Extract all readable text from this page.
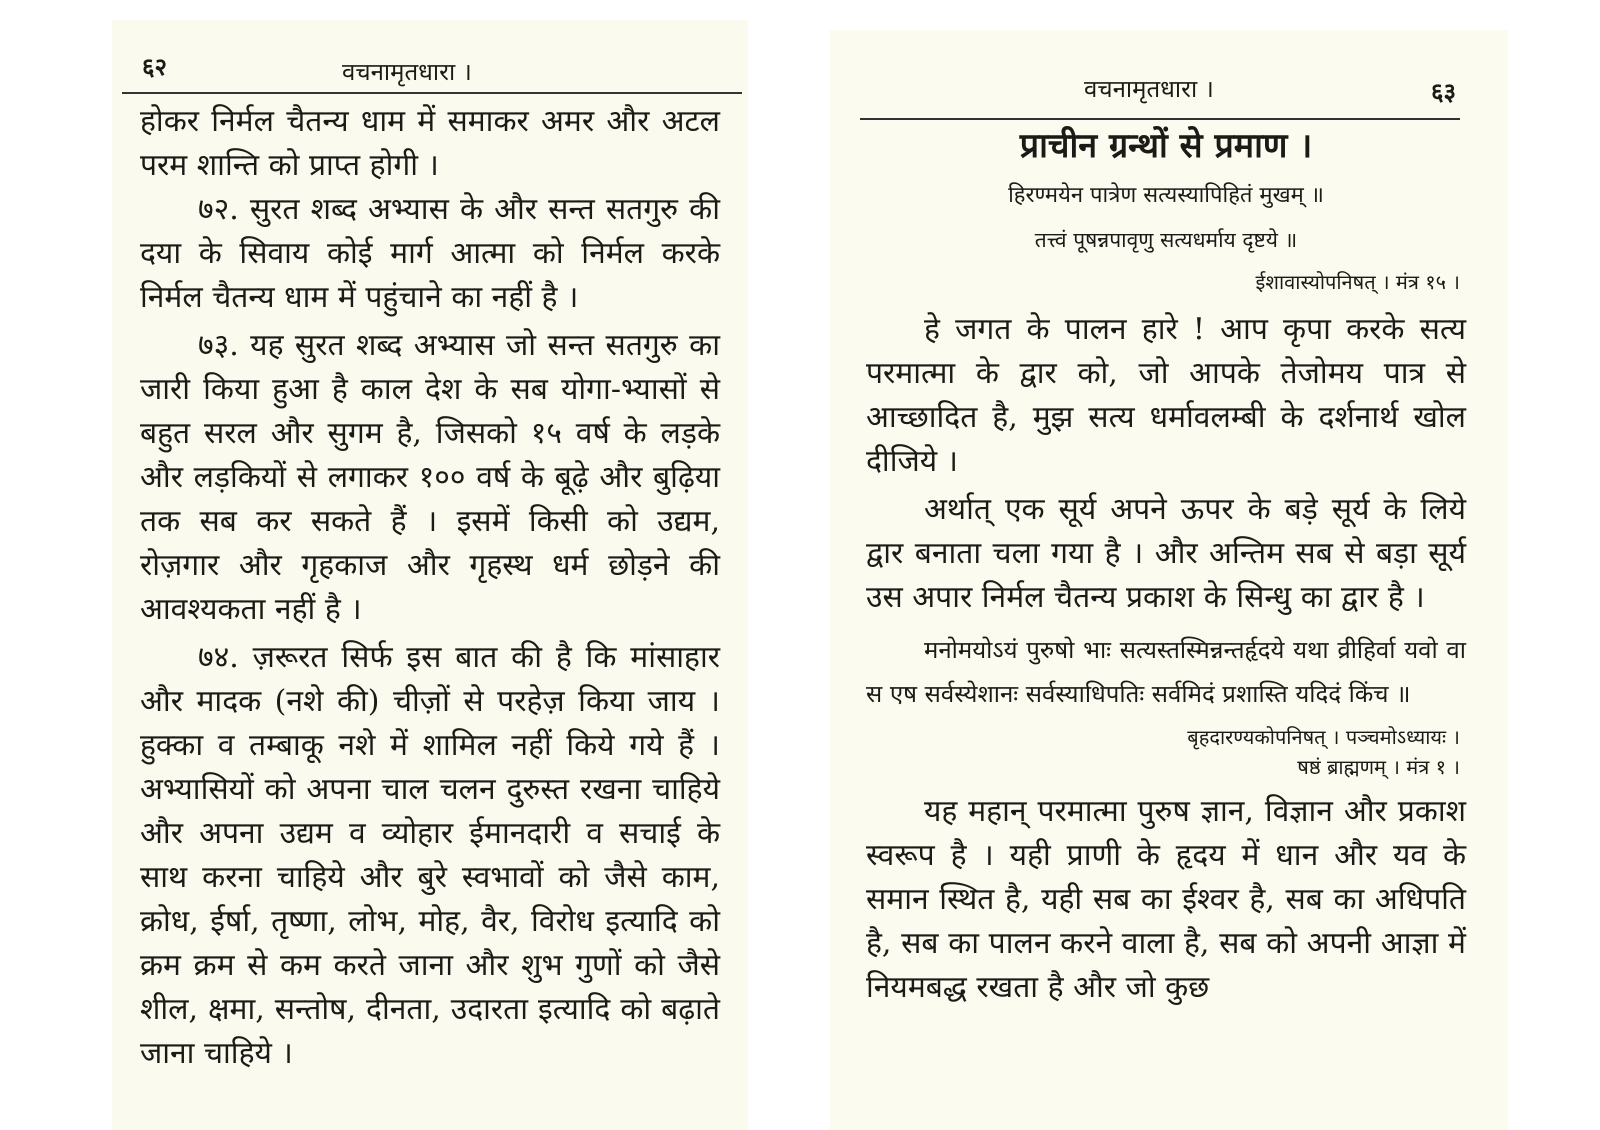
६२	वचनामृतधारा ।

होकर निर्मल चैतन्य धाम में समाकर अमर और अटल परम शान्ति को प्राप्त होगी ।

७२. सुरत शब्द अभ्यास के और सन्त सतगुरु की दया के सिवाय कोई मार्ग आत्मा को निर्मल करके निर्मल चैतन्य धाम में पहुंचाने का नहीं है ।

७३. यह सुरत शब्द अभ्यास जो सन्त सतगुरु का जारी किया हुआ है काल देश के सब योगा-भ्यासों से बहुत सरल और सुगम है, जिसको १५ वर्ष के लड़के और लड़कियों से लगाकर १०० वर्ष के बूढ़े और बुढ़िया तक सब कर सकते हैं । इसमें किसी को उद्यम, रोज़गार और गृहकाज और गृहस्थ धर्म छोड़ने की आवश्यकता नहीं है ।

७४. ज़रूरत सिर्फ इस बात की है कि मांसाहार और मादक (नशे की) चीज़ों से परहेज़ किया जाय । हुक्का व तम्बाकू नशे में शामिल नहीं किये गये हैं । अभ्यासियों को अपना चाल चलन दुरुस्त रखना चाहिये और अपना उद्यम व व्योहार ईमानदारी व सचाई के साथ करना चाहिये और बुरे स्वभावों को जैसे काम, क्रोध, ईर्षा, तृष्णा, लोभ, मोह, वैर, विरोध इत्यादि को क्रम क्रम से कम करते जाना और शुभ गुणों को जैसे शील, क्षमा, सन्तोष, दीनता, उदारता इत्यादि को बढ़ाते जाना चाहिये ।

वचनामृतधारा ।	६३
प्राचीन ग्रन्थों से प्रमाण ।

हिरण्मयेन पात्रेण सत्यस्यापिहितं मुखम् ॥

तत्त्वं पूषन्नपावृणु सत्यधर्माय दृष्टये ॥

ईशावास्योपनिषत् । मंत्र १५ ।

हे जगत के पालन हारे ! आप कृपा करके सत्य परमात्मा के द्वार को, जो आपके तेजोमय पात्र से आच्छादित है, मुझ सत्य धर्मावलम्बी के दर्शनार्थ खोल दीजिये ।

अर्थात् एक सूर्य अपने ऊपर के बड़े सूर्य के लिये द्वार बनाता चला गया है । और अन्तिम सब से बड़ा सूर्य उस अपार निर्मल चैतन्य प्रकाश के सिन्धु का द्वार है ।

मनोमयोऽयं पुरुषो भाः सत्यस्तस्मिन्नन्तर्हृदये यथा व्रीहिर्वा यवो वा स एष सर्वस्येशानः सर्वस्याधिपतिः सर्वमिदं प्रशास्ति यदिदं किंच ॥

बृहदारण्यकोपनिषत् । पञ्चमोऽध्यायः ।

षष्ठं ब्राह्मणम् । मंत्र १ ।

यह महान् परमात्मा पुरुष ज्ञान, विज्ञान और प्रकाश स्वरूप है । यही प्राणी के हृदय में धान और यव के समान स्थित है, यही सब का ईश्वर है, सब का अधिपति है, सब का पालन करने वाला है, सब को अपनी आज्ञा में नियमबद्ध रखता है और जो कुछ
